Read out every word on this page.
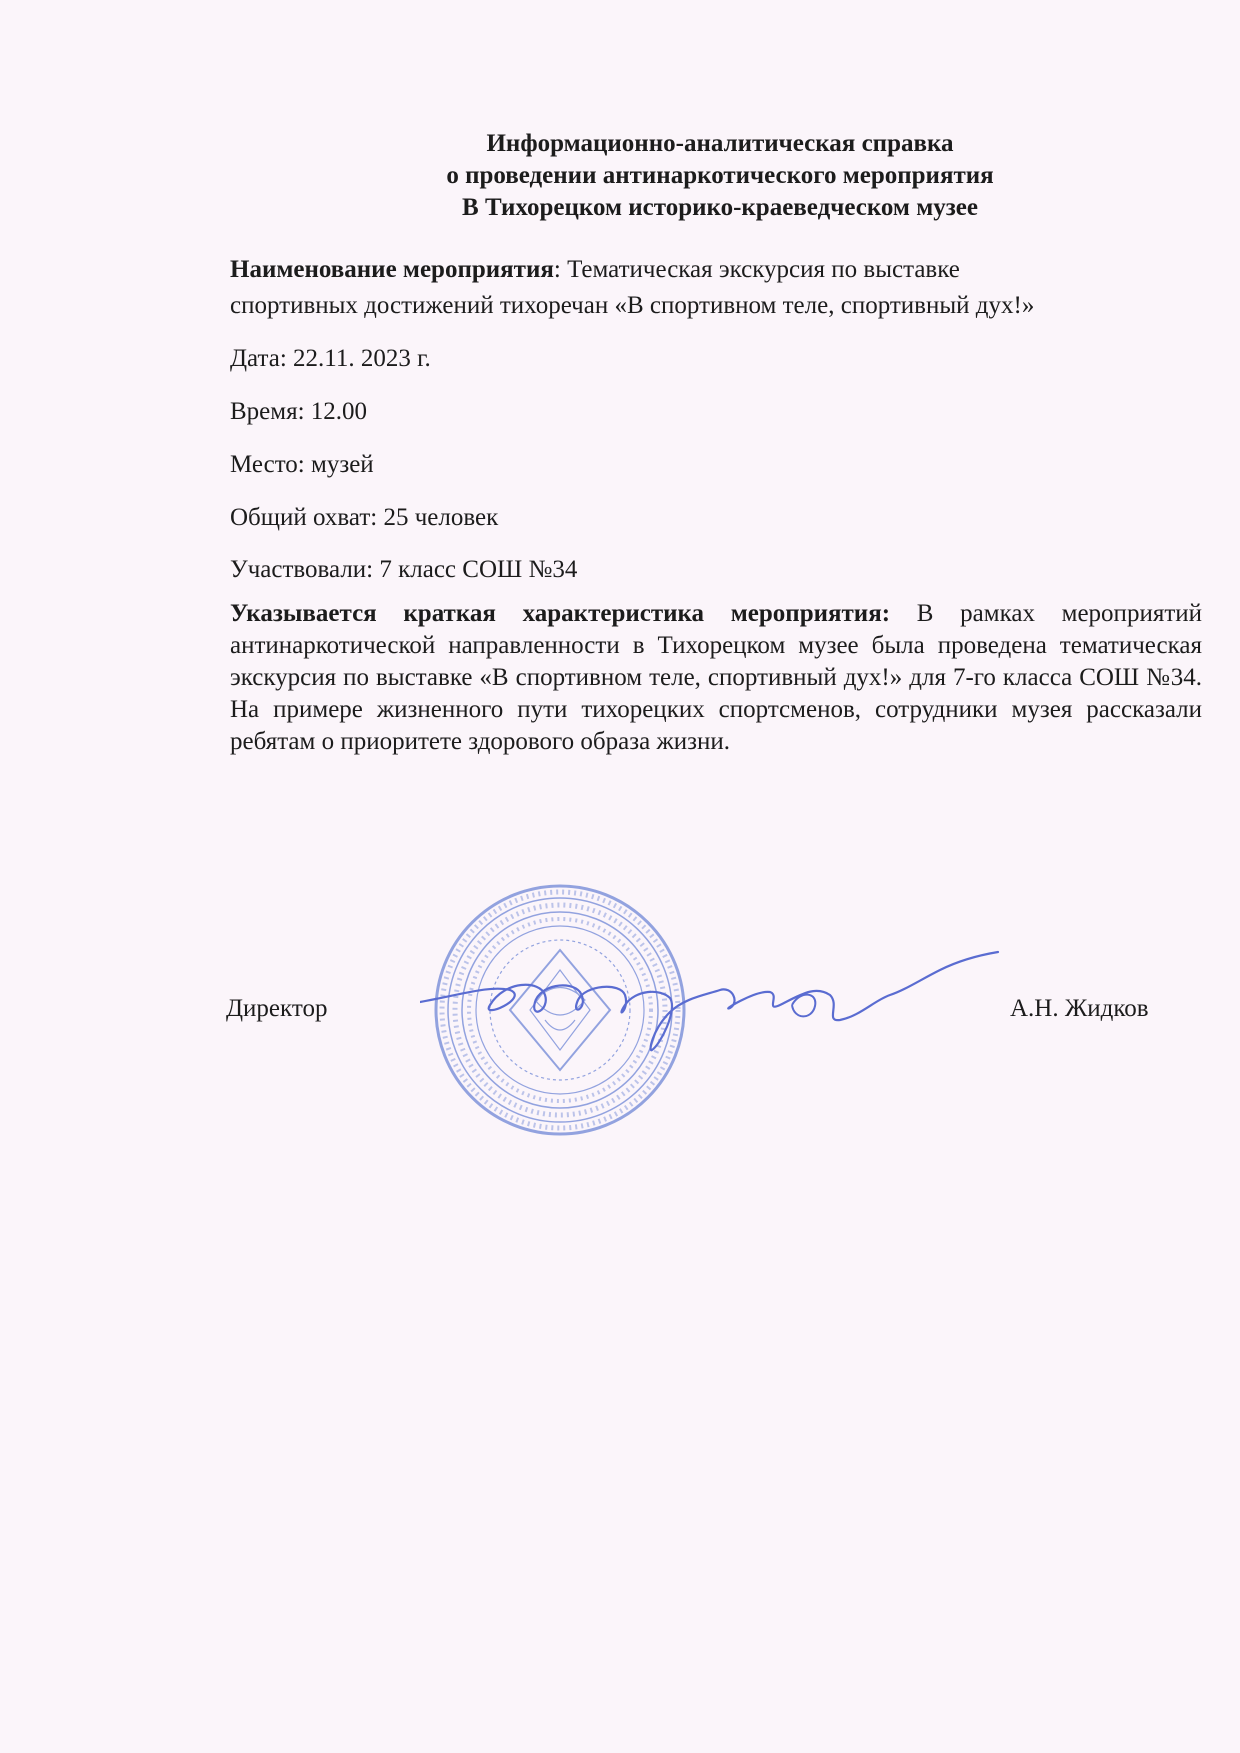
Информационно-аналитическая справка
о проведении антинаркотического мероприятия
В Тихорецком историко-краеведческом музее
Наименование мероприятия: Тематическая экскурсия по выставке
спортивных достижений тихоречан «В спортивном теле, спортивный дух!»
Дата: 22.11. 2023 г.
Время: 12.00
Место: музей
Общий охват: 25 человек
Участвовали: 7 класс СОШ №34
Указывается краткая характеристика мероприятия: В рамках мероприятий антинаркотической направленности в Тихорецком музее была проведена тематическая экскурсия по выставке «В спортивном теле, спортивный дух!» для 7-го класса СОШ №34. На примере жизненного пути тихорецких спортсменов, сотрудники музея рассказали ребятам о приоритете здорового образа жизни.
Директор	А.Н. Жидков
